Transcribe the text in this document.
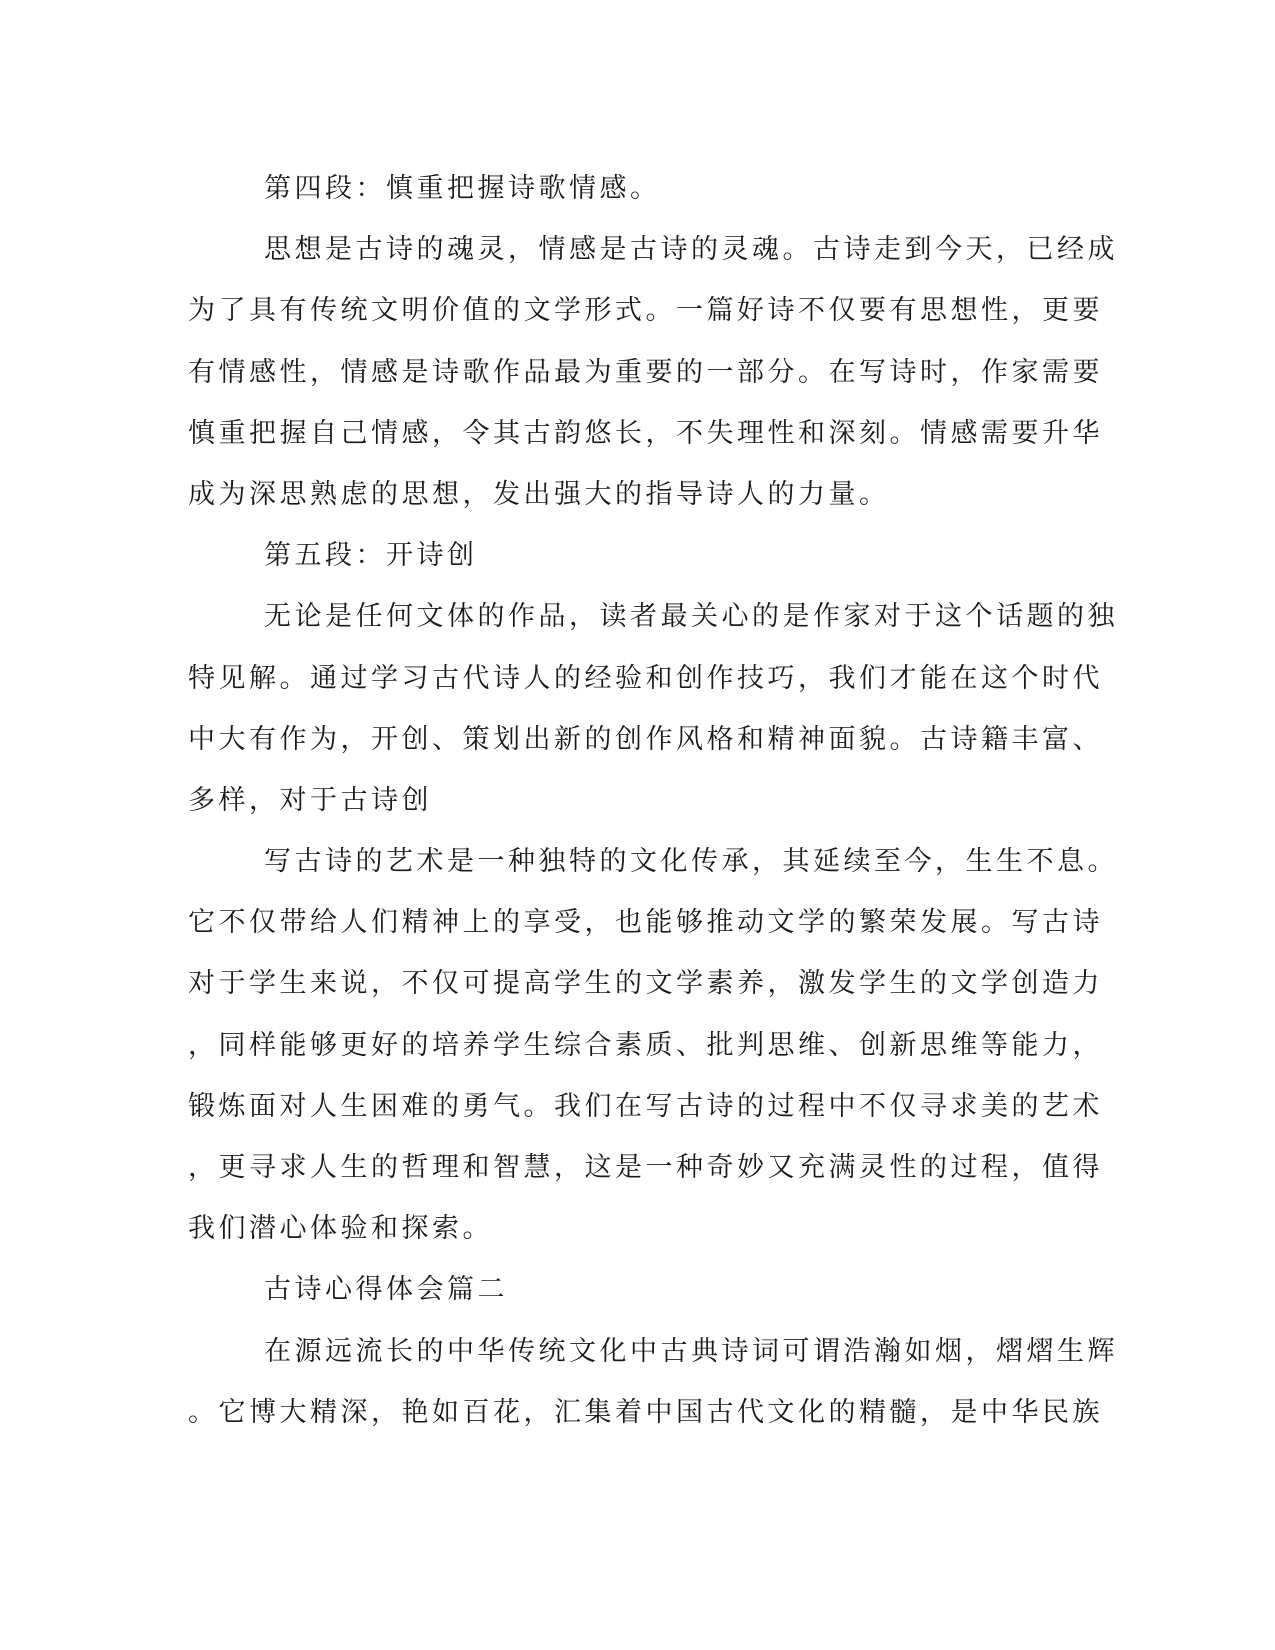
第四段：慎重把握诗歌情感。
思想是古诗的魂灵，情感是古诗的灵魂。古诗走到今天，已经成
为了具有传统文明价值的文学形式。一篇好诗不仅要有思想性，更要
有情感性，情感是诗歌作品最为重要的一部分。在写诗时，作家需要
慎重把握自己情感，令其古韵悠长，不失理性和深刻。情感需要升华
成为深思熟虑的思想，发出强大的指导诗人的力量。
第五段：开诗创
无论是任何文体的作品，读者最关心的是作家对于这个话题的独
特见解。通过学习古代诗人的经验和创作技巧，我们才能在这个时代
中大有作为，开创、策划出新的创作风格和精神面貌。古诗籍丰富、
多样，对于古诗创
写古诗的艺术是一种独特的文化传承，其延续至今，生生不息。
它不仅带给人们精神上的享受，也能够推动文学的繁荣发展。写古诗
对于学生来说，不仅可提高学生的文学素养，激发学生的文学创造力
，同样能够更好的培养学生综合素质、批判思维、创新思维等能力，
锻炼面对人生困难的勇气。我们在写古诗的过程中不仅寻求美的艺术
，更寻求人生的哲理和智慧，这是一种奇妙又充满灵性的过程，值得
我们潜心体验和探索。
古诗心得体会篇二
在源远流长的中华传统文化中古典诗词可谓浩瀚如烟，熠熠生辉
。它博大精深，艳如百花，汇集着中国古代文化的精髓，是中华民族
